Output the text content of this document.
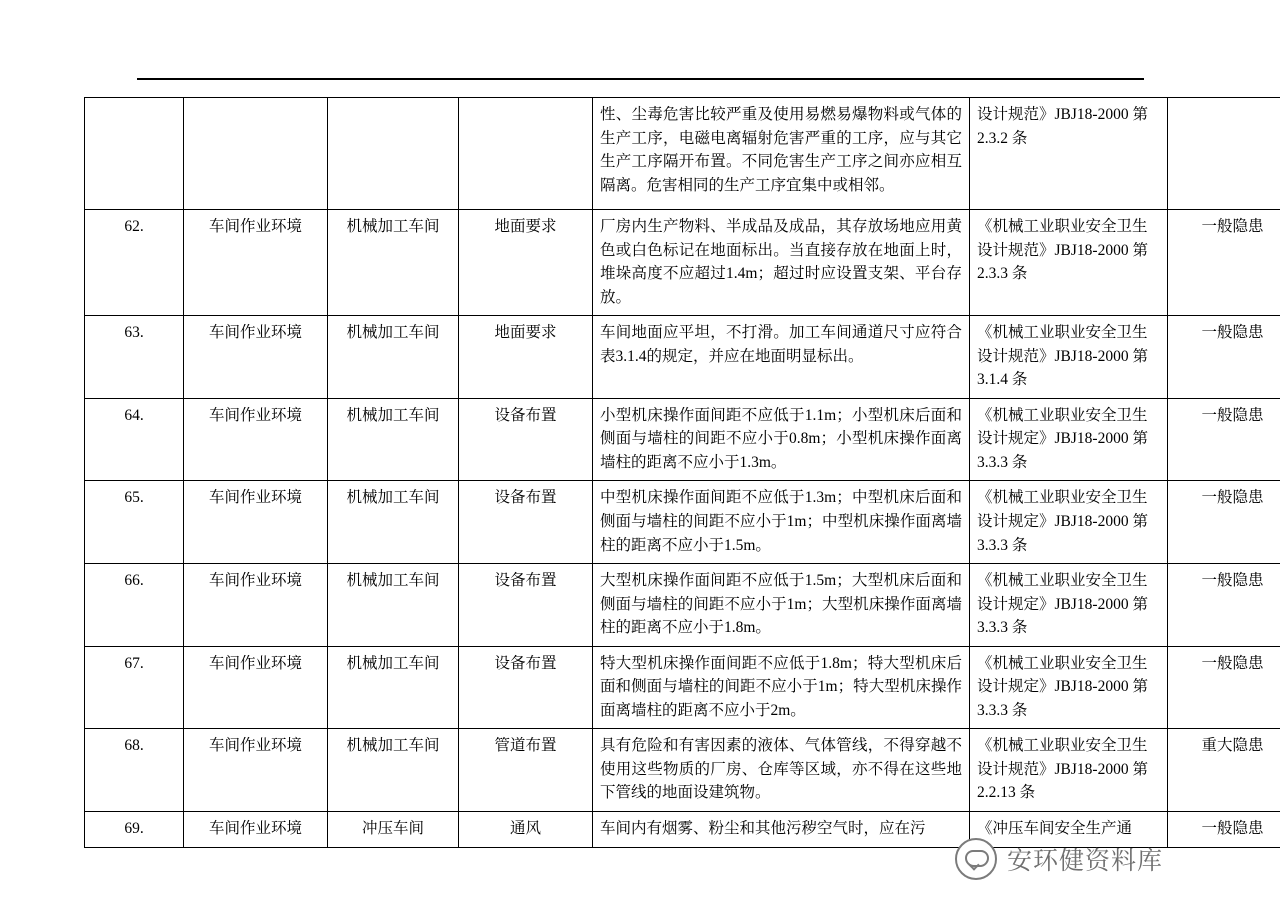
				性、尘毒危害比较严重及使用易燃易爆物料或气体的生产工序，电磁电离辐射危害严重的工序，应与其它生产工序隔开布置。不同危害生产工序之间亦应相互隔离。危害相同的生产工序宜集中或相邻。	设计规范》JBJ18-2000 第2.3.2 条	
62.	车间作业环境	机械加工车间	地面要求	厂房内生产物料、半成品及成品，其存放场地应用黄色或白色标记在地面标出。当直接存放在地面上时，堆垛高度不应超过1.4m；超过时应设置支架、平台存放。	《机械工业职业安全卫生设计规范》JBJ18-2000 第2.3.3 条	一般隐患
63.	车间作业环境	机械加工车间	地面要求	车间地面应平坦，不打滑。加工车间通道尺寸应符合表3.1.4的规定，并应在地面明显标出。	《机械工业职业安全卫生设计规范》JBJ18-2000 第3.1.4 条	一般隐患
64.	车间作业环境	机械加工车间	设备布置	小型机床操作面间距不应低于1.1m；小型机床后面和侧面与墙柱的间距不应小于0.8m；小型机床操作面离墙柱的距离不应小于1.3m。	《机械工业职业安全卫生设计规定》JBJ18-2000 第3.3.3 条	一般隐患
65.	车间作业环境	机械加工车间	设备布置	中型机床操作面间距不应低于1.3m；中型机床后面和侧面与墙柱的间距不应小于1m；中型机床操作面离墙柱的距离不应小于1.5m。	《机械工业职业安全卫生设计规定》JBJ18-2000 第3.3.3 条	一般隐患
66.	车间作业环境	机械加工车间	设备布置	大型机床操作面间距不应低于1.5m；大型机床后面和侧面与墙柱的间距不应小于1m；大型机床操作面离墙柱的距离不应小于1.8m。	《机械工业职业安全卫生设计规定》JBJ18-2000 第3.3.3 条	一般隐患
67.	车间作业环境	机械加工车间	设备布置	特大型机床操作面间距不应低于1.8m；特大型机床后面和侧面与墙柱的间距不应小于1m；特大型机床操作面离墙柱的距离不应小于2m。	《机械工业职业安全卫生设计规定》JBJ18-2000 第3.3.3 条	一般隐患
68.	车间作业环境	机械加工车间	管道布置	具有危险和有害因素的液体、气体管线，不得穿越不使用这些物质的厂房、仓库等区域，亦不得在这些地下管线的地面设建筑物。	《机械工业职业安全卫生设计规范》JBJ18-2000 第2.2.13 条	重大隐患
69.	车间作业环境	冲压车间	通风	车间内有烟雾、粉尘和其他污秽空气时，应在污	《冲压车间安全生产通	一般隐患
安环健资料库
